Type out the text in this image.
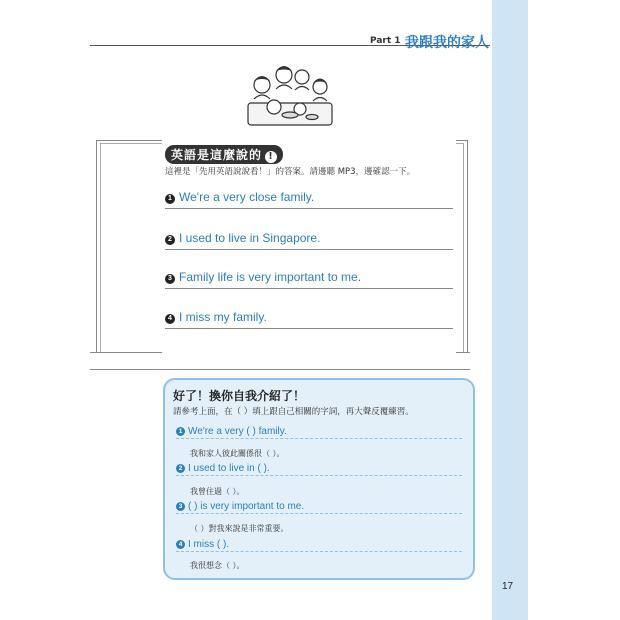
Part 1 我跟我的家人
英語是這麼說的 !
這裡是「先用英語說說看！」的答案。請邊聽 MP3，邊確認一下。
1 We're a very close family.
2 I used to live in Singapore.
3 Family life is very important to me.
4 I miss my family.
好了！換你自我介紹了！
請參考上面，在（ ）填上跟自己相關的字詞，再大聲反覆練習。
1 We're a very ( ) family.
我和家人彼此關係很（ ）。
2 I used to live in ( ).
我曾住過（ ）。
3 ( ) is very important to me.
（ ）對我來說是非常重要。
4 I miss ( ).
我很想念（ ）。
17
